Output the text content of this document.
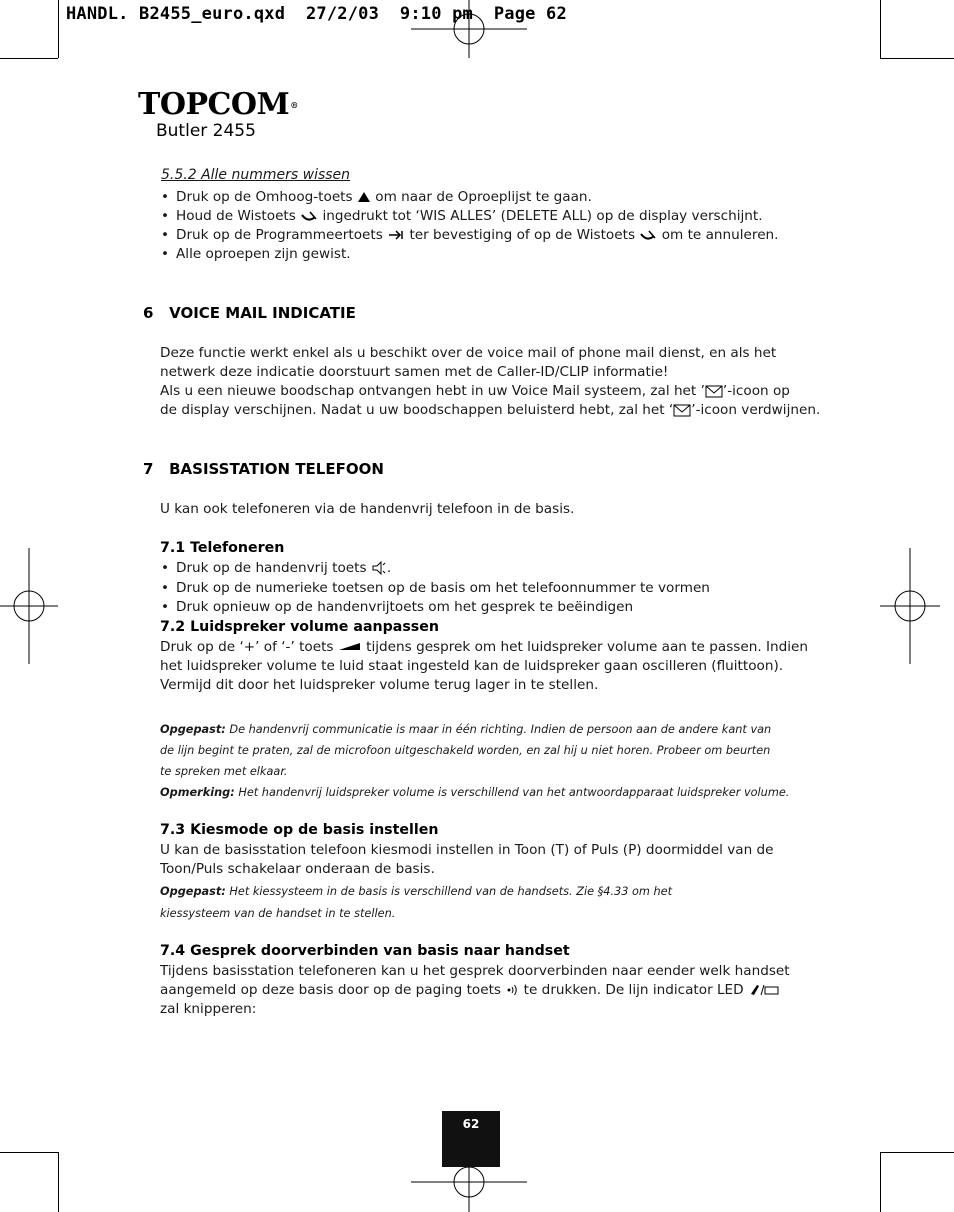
HANDL. B2455_euro.qxd  27/2/03  9:10 pm  Page 62
TOPCOM®
Butler 2455
5.5.2 Alle nummers wissen
• Druk op de Omhoog-toets om naar de Oproeplijst te gaan.
• Houd de Wistoets ingedrukt tot ‘WIS ALLES’ (DELETE ALL) op de display verschijnt.
• Druk op de Programmeertoets ter bevestiging of op de Wistoets om te annuleren.
• Alle oproepen zijn gewist.
6 VOICE MAIL INDICATIE
Deze functie werkt enkel als u beschikt over de voice mail of phone mail dienst, en als het
netwerk deze indicatie doorstuurt samen met de Caller-ID/CLIP informatie!
Als u een nieuwe boodschap ontvangen hebt in uw Voice Mail systeem, zal het ’ ’-icoon op
de display verschijnen. Nadat u uw boodschappen beluisterd hebt, zal het ‘ ’-icoon verdwijnen.
7 BASISSTATION TELEFOON
U kan ook telefoneren via de handenvrij telefoon in de basis.
7.1 Telefoneren
• Druk op de handenvrij toets .
• Druk op de numerieke toetsen op de basis om het telefoonnummer te vormen
• Druk opnieuw op de handenvrijtoets om het gesprek te beëindigen
7.2 Luidspreker volume aanpassen
Druk op de ‘+’ of ‘-’ toets tijdens gesprek om het luidspreker volume aan te passen. Indien
het luidspreker volume te luid staat ingesteld kan de luidspreker gaan oscilleren (fluittoon).
Vermijd dit door het luidspreker volume terug lager in te stellen.
Opgepast: De handenvrij communicatie is maar in één richting. Indien de persoon aan de andere kant van
de lijn begint te praten, zal de microfoon uitgeschakeld worden, en zal hij u niet horen. Probeer om beurten
te spreken met elkaar.
Opmerking: Het handenvrij luidspreker volume is verschillend van het antwoordapparaat luidspreker volume.
7.3 Kiesmode op de basis instellen
U kan de basisstation telefoon kiesmodi instellen in Toon (T) of Puls (P) doormiddel van de
Toon/Puls schakelaar onderaan de basis.
Opgepast: Het kiessysteem in de basis is verschillend van de handsets. Zie §4.33 om het
kiessysteem van de handset in te stellen.
7.4 Gesprek doorverbinden van basis naar handset
Tijdens basisstation telefoneren kan u het gesprek doorverbinden naar eender welk handset
aangemeld op deze basis door op de paging toets te drukken. De lijn indicator LED
zal knipperen:
62
